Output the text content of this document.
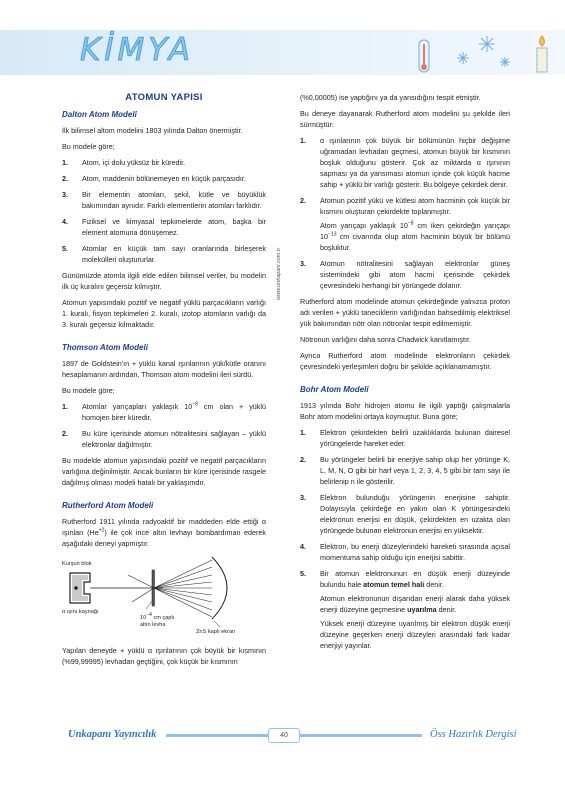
KİMYA
ATOMUN YAPISI
Dalton Atom Modeli

İlk bilimsel altom modelini 1803 yılında Dalton önermiştir.

Bu modele göre;

1. Atom, içi dolu yüksüz bir küredir.
2. Atom, maddenin bölünemeyen en küçük parçasıdır.
3. Bir elementin atomları, şekil, kütle ve büyüklük bakımından aynıdır. Farklı elementlerin atomları farklıdır.
4. Fiziksel ve kimyasal tepkimelerde atom, başka bir element atomuna dönüşemez.
5. Atomlar en küçük tam sayı oranlarında birleşerek molekülleri oluştururlar.

Günümüzde atomla ilgili elde edilen bilimsel veriler, bu modelin ilk üç kuralını geçersiz kılmıştır.

Atomun yapısındaki pozitif ve negatif yüklü parçacıkların varlığı 1. kuralı, fisyon tepkimeleri 2. kuralı, izotop atomların varlığı da 3. kuralı geçersiz kılmaktadır.

Thomson Atom Modeli

1897 de Goldstein'ın + yüklü kanal ışınlarının yük/kütle oranını hesaplamanın ardından, Thomson atom modelini ileri sürdü.

Bu modele göre;

1. Atomlar yarıçapları yaklaşık $10^{-8}$ cm olan + yüklü homojen birer küredir.
2. Bu küre içerisinde atomun nötralitesini sağlayan – yüklü elektronlar dağılmıştır.

Bu modelde atomun yapısındaki pozitif ve negatif parçacıkların varlığına değinilmiştir. Ancak bunların bir küre içerisinde rasgele dağılmış olması modeli hatalı bir yaklaşımdır.

Rutherford Atom Modeli

Rutherford 1911 yılında radyoaktif bir maddeden elde ettiği α ışınları $(He^{+2})$ ile çok ince altın levhayı bombardıman ederek aşağıdaki deneyi yapmıştır.

Kurşun blok
α ışını kaynağı
$10^{-4}$ cm çaplı
altın levha
ZnS kaplı ekran

Yapılan deneyde + yüklü α ışınlarının çok büyük bir kısmının (%99,99995) levhadan geçtiğini, çok küçük bir kısmının

www.unkapani.com.tr

(%0,00005) ise yaptığını ya da yansıdığını tespit etmiştir.

Bu deneye dayanarak Rutherford atom modelini şu şekilde ileri sürmüştür:

1. α ışınlarının çok büyük bir bölümünün hiçbir değişime uğramadan levhadan geçmesi, atomun büyük bir kısmının boşluk olduğunu gösterir. Çok az miktarda α ışınının sapması ya da yansıması atomun içinde çok küçük hacme sahip + yüklü bir varlığı gösterir. Bu bölgeye çekirdek denir.
2. Atomun pozitif yükü ve kütlesi atom hacminin çok küçük bir kısmını oluşturan çekirdekte toplanmıştır.
Atom yarıçapı yaklaşık $10^{-8}$ cm iken çekirdeğin yarıçapı $10^{-13}$ cm civarında olup atom hacminin büyük bir bölümü boşluktur.
3. Atomun nötralitesini sağlayan elektronlar güneş sistemindeki gibi atom hacmi içerisinde çekirdek çevresindeki herhangi bir yörüngede dolanır.

Rutherford atom modelinde atomun çekirdeğinde yalnızca proton adı verilen + yüklü taneciklerin varlığından bahsedilmiş elektriksel yük bakımından nötr olan nötronlar tespit edilmemiştir.

Nötronun varlığını daha sonra Chadwick kanıtlamıştır.

Ayrıca Rutherford atom modelinde elektronların çekirdek çevresindeki yerleşimleri doğru bir şekilde açıklanamamıştır.

Bohr Atom Modeli

1913 yılında Bohr hidrojen atomu ile ilgili yaptığı çalışmalarla Bohr atom modelini ortaya koymuştur. Buna göre;

1. Elektron çekirdekten belirli uzaklıklarda bulunan dairesel yörüngelerde hareket eder.
2. Bu yörüngeler belirli bir enerjiye sahip olup her yörünge K, L, M, N, O gibi bir harf veya 1, 2, 3, 4, 5 gibi bir tam sayı ile belirlenip n ile gösterilir.
3. Elektron bulunduğu yörüngenin enerjisine sahiptir. Dolayısıyla çekirdeğe en yakın olan K yörüngesindeki elektronun enerjisi en düşük, çekirdekten en uzakta olan yörüngede bulunan elektronun enerjisi en yüksektir.
4. Elektron, bu enerji düzeylerindeki hareketi sırasında açısal momentuma sahip olduğu için enerjisi sabittir.
5. Bir atomun elektronunun en düşük enerji düzeyinde bulundu hale atomun temel hali denir.
Atomun elektronunun dışarıdan enerji alarak daha yüksek enerji düzeyine geçmesine uyarılma denir.
Yüksek enerji düzeyine uyarılmış bir elektron düşük enerji düzeyine geçerken enerji düzeyleri arasındaki fark kadar enerjiyi yayınlar.
Unkapanı Yayıncılık	40	Öss Hazırlık Dergisi
